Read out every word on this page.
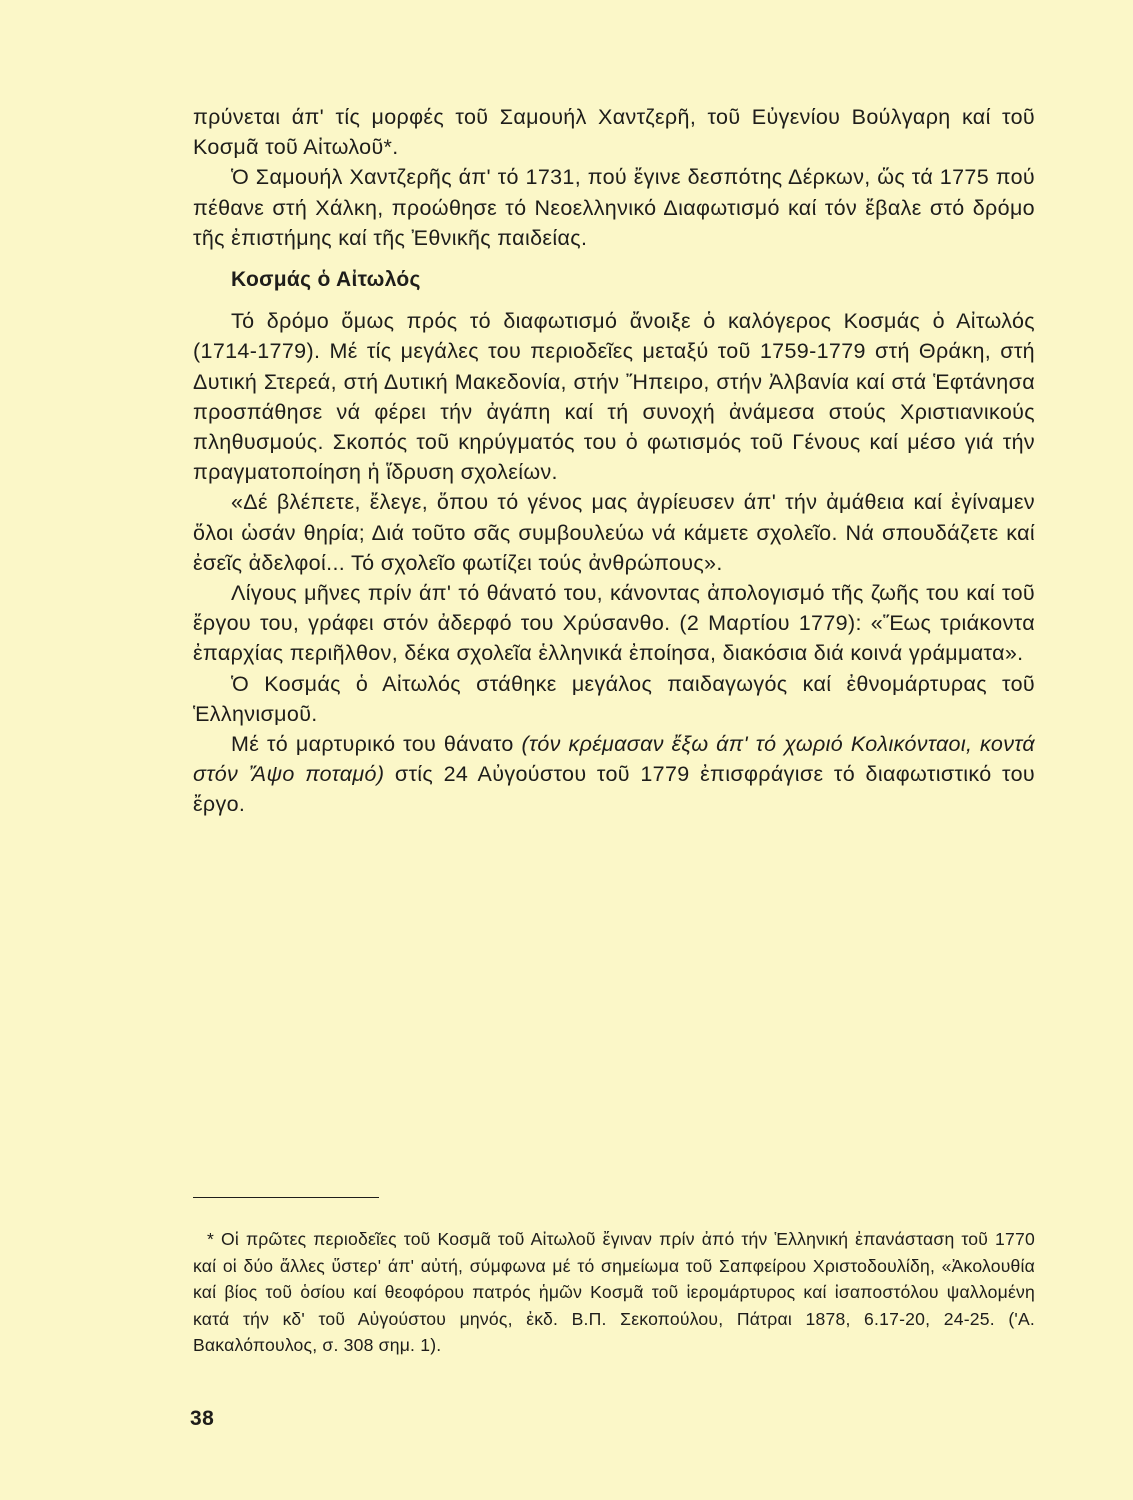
πρύνεται άπ' τίς μορφές τοῦ Σαμουήλ Χαντζερῆ, τοῦ Εὐγενίου Βούλγαρη καί τοῦ Κοσμᾶ τοῦ Αἰτωλοῦ*.

Ὁ Σαμουήλ Χαντζερῆς άπ' τό 1731, πού ἔγινε δεσπότης Δέρκων, ὥς τά 1775 πού πέθανε στή Χάλκη, προώθησε τό Νεοελληνικό Διαφωτισμό καί τόν ἔβαλε στό δρόμο τῆς ἐπιστήμης καί τῆς Ἐθνικῆς παιδείας.

Κοσμάς ὁ Αἰτωλός

Τό δρόμο ὅμως πρός τό διαφωτισμό ἄνοιξε ὁ καλόγερος Κοσμάς ὁ Αἰτωλός (1714-1779). Μέ τίς μεγάλες του περιοδεῖες μεταξύ τοῦ 1759-1779 στή Θράκη, στή Δυτική Στερεά, στή Δυτική Μακεδονία, στήν Ἤπειρο, στήν Ἀλβανία καί στά Ἑφτάνησα προσπάθησε νά φέρει τήν ἀγάπη καί τή συνοχή ἀνάμεσα στούς Χριστιανικούς πληθυσμούς. Σκοπός τοῦ κηρύγματός του ὁ φωτισμός τοῦ Γένους καί μέσο γιά τήν πραγματοποίηση ἡ ἵδρυση σχολείων.

«Δέ βλέπετε, ἔλεγε, ὅπου τό γένος μας ἀγρίευσεν άπ' τήν ἀμάθεια καί ἐγίναμεν ὅλοι ὡσάν θηρία; Διά τοῦτο σᾶς συμβουλεύω νά κάμετε σχολεῖο. Νά σπουδάζετε καί ἐσεῖς ἀδελφοί... Τό σχολεῖο φωτίζει τούς ἀνθρώπους».

Λίγους μῆνες πρίν άπ' τό θάνατό του, κάνοντας ἀπολογισμό τῆς ζωῆς του καί τοῦ ἔργου του, γράφει στόν ἀδερφό του Χρύσανθο. (2 Μαρτίου 1779): «Ἕως τριάκοντα ἐπαρχίας περιῆλθον, δέκα σχολεῖα ἑλληνικά ἐποίησα, διακόσια διά κοινά γράμματα».

Ὁ Κοσμάς ὁ Αἰτωλός στάθηκε μεγάλος παιδαγωγός καί ἐθνομάρτυρας τοῦ Ἑλληνισμοῦ.

Μέ τό μαρτυρικό του θάνατο (τόν κρέμασαν ἔξω άπ' τό χωριό Κολικόνταοι, κοντά στόν Ἄψο ποταμό) στίς 24 Αὐγούστου τοῦ 1779 ἐπισφράγισε τό διαφωτιστικό του ἔργο.

* Οἱ πρῶτες περιοδεῖες τοῦ Κοσμᾶ τοῦ Αἰτωλοῦ ἔγιναν πρίν ἀπό τήν Ἑλληνική ἐπανάσταση τοῦ 1770 καί οἱ δύο ἄλλες ὕστερ' άπ' αὐτή, σύμφωνα μέ τό σημείωμα τοῦ Σαπφείρου Χριστοδουλίδη, «Ἀκολουθία καί βίος τοῦ ὁσίου καί θεοφόρου πατρός ἡμῶν Κοσμᾶ τοῦ ἱερομάρτυρος καί ἰσαποστόλου ψαλλομένη κατά τήν κδ' τοῦ Αὐγούστου μηνός, ἐκδ. Β.Π. Σεκοπούλου, Πάτραι 1878, 6.17-20, 24-25. ('Α. Βακαλόπουλος, σ. 308 σημ. 1).

38
